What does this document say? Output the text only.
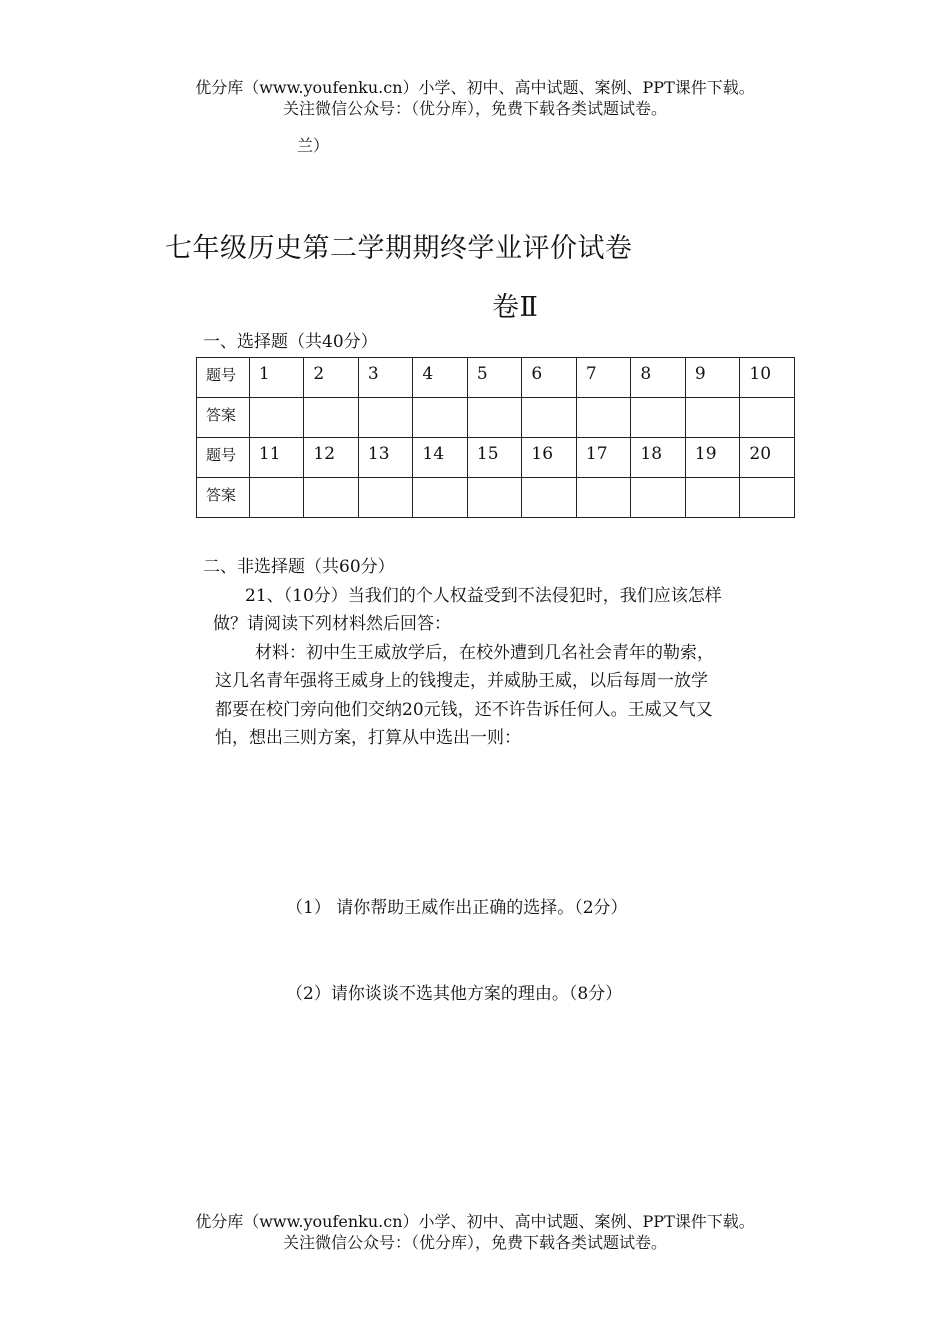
优分库（www.youfenku.cn）小学、初中、高中试题、案例、PPT课件下载。
关注微信公众号：（优分库），免费下载各类试题试卷。
兰）
七年级历史第二学期期终学业评价试卷
卷Ⅱ
一、选择题（共40分）
题号	1	2	3	4	5	6	7	8	9	10
答案										
题号	11	12	13	14	15	16	17	18	19	20
答案										
二、非选择题（共60分）
21、（10分）当我们的个人权益受到不法侵犯时，我们应该怎样
做？请阅读下列材料然后回答：
材料：初中生王威放学后，在校外遭到几名社会青年的勒索，
这几名青年强将王威身上的钱搜走，并威胁王威，以后每周一放学
都要在校门旁向他们交纳20元钱，还不许告诉任何人。王威又气又
怕，想出三则方案，打算从中选出一则：
（1） 请你帮助王威作出正确的选择。（2分）
（2）请你谈谈不选其他方案的理由。（8分）
优分库（www.youfenku.cn）小学、初中、高中试题、案例、PPT课件下载。
关注微信公众号：（优分库），免费下载各类试题试卷。
